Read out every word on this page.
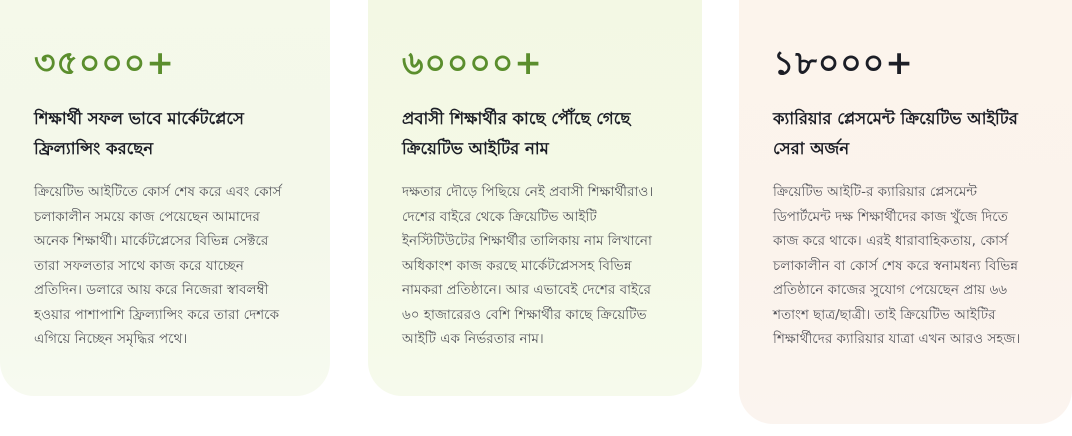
৩৫০০০+
শিক্ষার্থী সফল ভাবে মার্কেটপ্লেসে ফ্রিল্যান্সিং করছেন
ক্রিয়েটিভ আইটিতে কোর্স শেষ করে এবং কোর্স চলাকালীন সময়ে কাজ পেয়েছেন আমাদের অনেক শিক্ষার্থী। মার্কেটপ্লেসের বিভিন্ন সেক্টরে তারা সফলতার সাথে কাজ করে যাচ্ছেন প্রতিদিন। ডলারে আয় করে নিজেরা স্বাবলম্বী হওয়ার পাশাপাশি ফ্রিল্যান্সিং করে তারা দেশকে এগিয়ে নিচ্ছেন সমৃদ্ধির পথে।
৬০০০০+
প্রবাসী শিক্ষার্থীর কাছে পৌঁছে গেছে ক্রিয়েটিভ আইটির নাম
দক্ষতার দৌড়ে পিছিয়ে নেই প্রবাসী শিক্ষার্থীরাও। দেশের বাইরে থেকে ক্রিয়েটিভ আইটি ইনস্টিটিউটের শিক্ষার্থীর তালিকায় নাম লিখানো অধিকাংশ কাজ করছে মার্কেটপ্লেসসহ বিভিন্ন নামকরা প্রতিষ্ঠানে। আর এভাবেই দেশের বাইরে ৬০ হাজারেরও বেশি শিক্ষার্থীর কাছে ক্রিয়েটিভ আইটি এক নির্ভরতার নাম।
১৮০০০+
ক্যারিয়ার প্লেসমেন্ট ক্রিয়েটিভ আইটির সেরা অর্জন
ক্রিয়েটিভ আইটি-র ক্যারিয়ার প্লেসমেন্ট ডিপার্টমেন্ট দক্ষ শিক্ষার্থীদের কাজ খুঁজে দিতে কাজ করে থাকে। এরই ধারাবাহিকতায়, কোর্স চলাকালীন বা কোর্স শেষ করে স্বনামধন্য বিভিন্ন প্রতিষ্ঠানে কাজের সুযোগ পেয়েছেন প্রায় ৬৬ শতাংশ ছাত্র/ছাত্রী। তাই ক্রিয়েটিভ আইটির শিক্ষার্থীদের ক্যারিয়ার যাত্রা এখন আরও সহজ।
